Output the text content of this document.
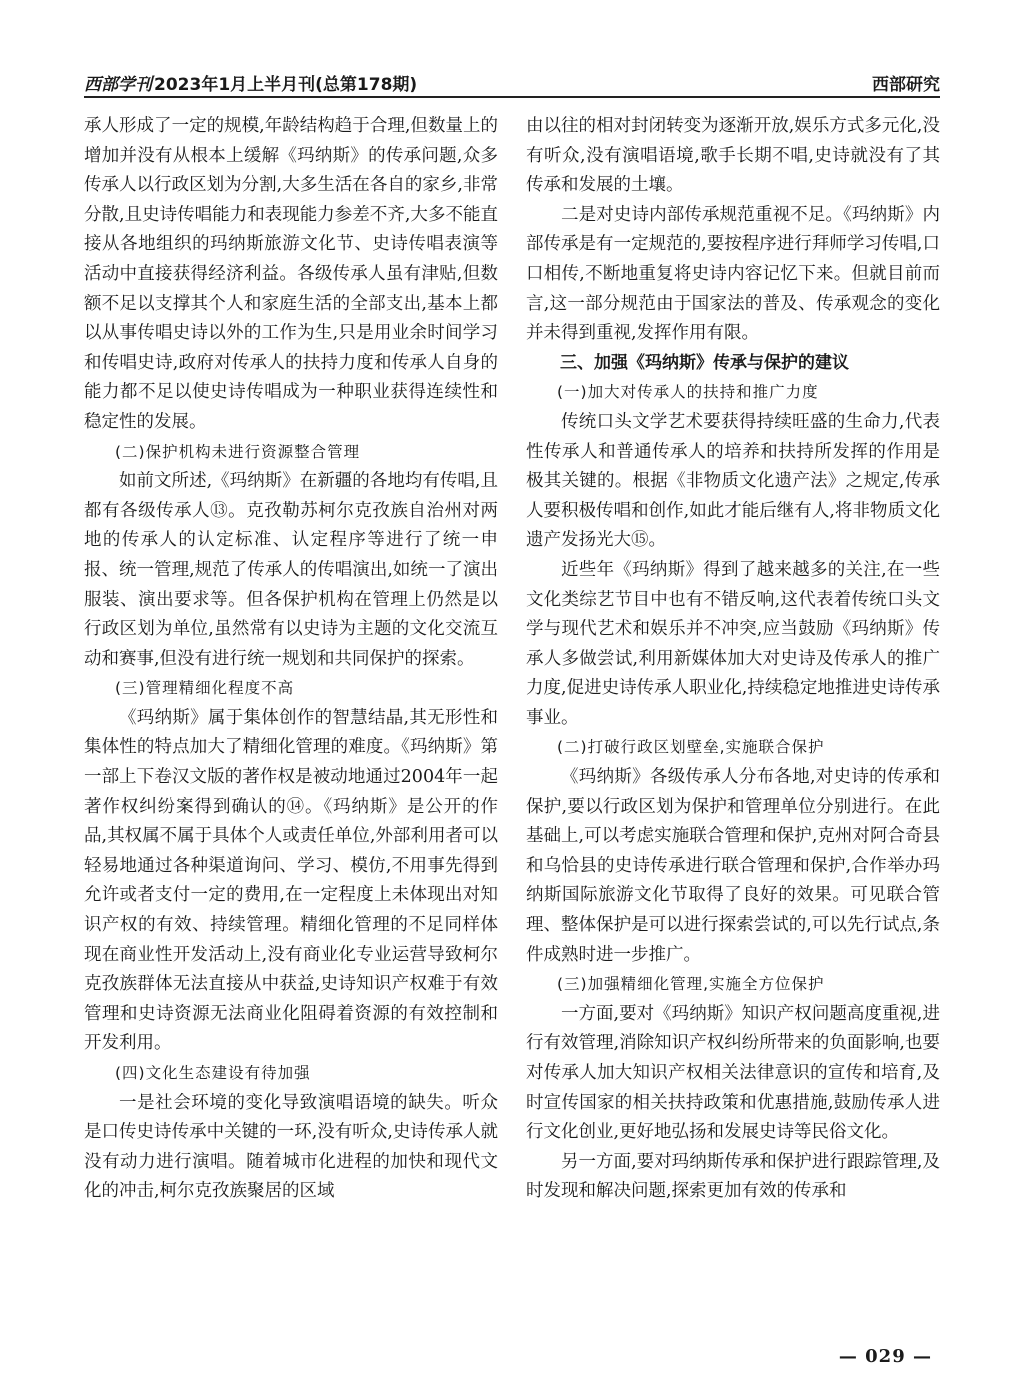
西部学刊 2023年1月上半月刊(总第178期)	西部研究

承人形成了一定的规模,年龄结构趋于合理,但数量上的增加并没有从根本上缓解《玛纳斯》的传承问题,众多传承人以行政区划为分割,大多生活在各自的家乡,非常分散,且史诗传唱能力和表现能力参差不齐,大多不能直接从各地组织的玛纳斯旅游文化节、史诗传唱表演等活动中直接获得经济利益。各级传承人虽有津贴,但数额不足以支撑其个人和家庭生活的全部支出,基本上都以从事传唱史诗以外的工作为生,只是用业余时间学习和传唱史诗,政府对传承人的扶持力度和传承人自身的能力都不足以使史诗传唱成为一种职业获得连续性和稳定性的发展。

(二)保护机构未进行资源整合管理

如前文所述,《玛纳斯》在新疆的各地均有传唱,且都有各级传承人⑬。克孜勒苏柯尔克孜族自治州对两地的传承人的认定标准、认定程序等进行了统一申报、统一管理,规范了传承人的传唱演出,如统一了演出服装、演出要求等。但各保护机构在管理上仍然是以行政区划为单位,虽然常有以史诗为主题的文化交流互动和赛事,但没有进行统一规划和共同保护的探索。

(三)管理精细化程度不高

《玛纳斯》属于集体创作的智慧结晶,其无形性和集体性的特点加大了精细化管理的难度。《玛纳斯》第一部上下卷汉文版的著作权是被动地通过2004年一起著作权纠纷案得到确认的⑭。《玛纳斯》是公开的作品,其权属不属于具体个人或责任单位,外部利用者可以轻易地通过各种渠道询问、学习、模仿,不用事先得到允许或者支付一定的费用,在一定程度上未体现出对知识产权的有效、持续管理。精细化管理的不足同样体现在商业性开发活动上,没有商业化专业运营导致柯尔克孜族群体无法直接从中获益,史诗知识产权难于有效管理和史诗资源无法商业化阻碍着资源的有效控制和开发利用。

(四)文化生态建设有待加强

一是社会环境的变化导致演唱语境的缺失。听众是口传史诗传承中关键的一环,没有听众,史诗传承人就没有动力进行演唱。随着城市化进程的加快和现代文化的冲击,柯尔克孜族聚居的区域

由以往的相对封闭转变为逐渐开放,娱乐方式多元化,没有听众,没有演唱语境,歌手长期不唱,史诗就没有了其传承和发展的土壤。

二是对史诗内部传承规范重视不足。《玛纳斯》内部传承是有一定规范的,要按程序进行拜师学习传唱,口口相传,不断地重复将史诗内容记忆下来。但就目前而言,这一部分规范由于国家法的普及、传承观念的变化并未得到重视,发挥作用有限。

三、加强《玛纳斯》传承与保护的建议

(一)加大对传承人的扶持和推广力度

传统口头文学艺术要获得持续旺盛的生命力,代表性传承人和普通传承人的培养和扶持所发挥的作用是极其关键的。根据《非物质文化遗产法》之规定,传承人要积极传唱和创作,如此才能后继有人,将非物质文化遗产发扬光大⑮。

近些年《玛纳斯》得到了越来越多的关注,在一些文化类综艺节目中也有不错反响,这代表着传统口头文学与现代艺术和娱乐并不冲突,应当鼓励《玛纳斯》传承人多做尝试,利用新媒体加大对史诗及传承人的推广力度,促进史诗传承人职业化,持续稳定地推进史诗传承事业。

(二)打破行政区划壁垒,实施联合保护

《玛纳斯》各级传承人分布各地,对史诗的传承和保护,要以行政区划为保护和管理单位分别进行。在此基础上,可以考虑实施联合管理和保护,克州对阿合奇县和乌恰县的史诗传承进行联合管理和保护,合作举办玛纳斯国际旅游文化节取得了良好的效果。可见联合管理、整体保护是可以进行探索尝试的,可以先行试点,条件成熟时进一步推广。

(三)加强精细化管理,实施全方位保护

一方面,要对《玛纳斯》知识产权问题高度重视,进行有效管理,消除知识产权纠纷所带来的负面影响,也要对传承人加大知识产权相关法律意识的宣传和培育,及时宣传国家的相关扶持政策和优惠措施,鼓励传承人进行文化创业,更好地弘扬和发展史诗等民俗文化。

另一方面,要对玛纳斯传承和保护进行跟踪管理,及时发现和解决问题,探索更加有效的传承和

— 029 —
